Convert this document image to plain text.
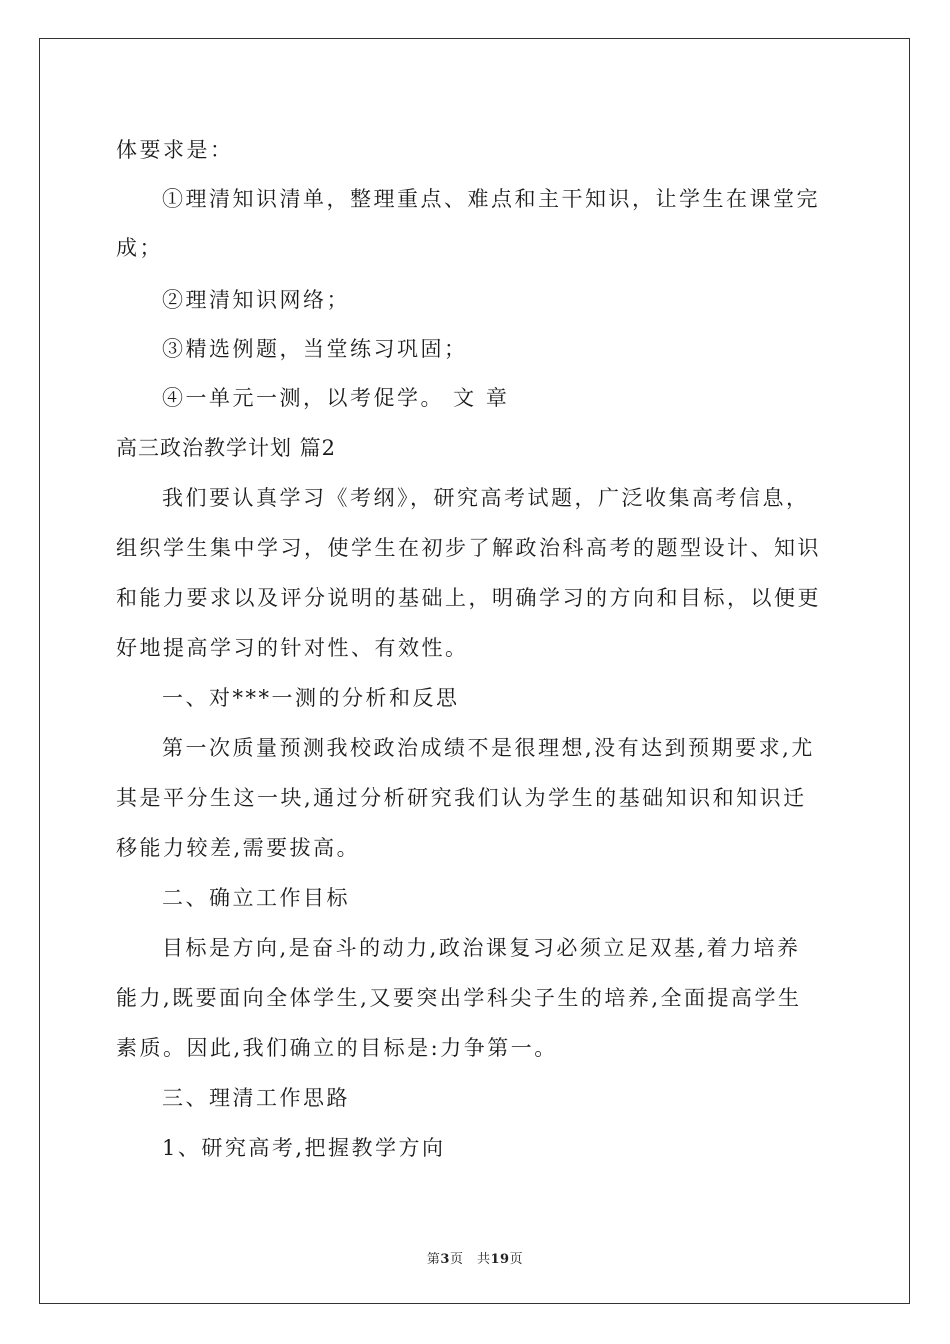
体要求是：
①理清知识清单，整理重点、难点和主干知识，让学生在课堂完
成；
②理清知识网络；
③精选例题，当堂练习巩固；
④一单元一测，以考促学。 文 章
高三政治教学计划 篇2
我们要认真学习《考纲》，研究高考试题，广泛收集高考信息，
组织学生集中学习，使学生在初步了解政治科高考的题型设计、知识
和能力要求以及评分说明的基础上，明确学习的方向和目标，以便更
好地提高学习的针对性、有效性。
一、对***一测的分析和反思
第一次质量预测我校政治成绩不是很理想,没有达到预期要求,尤
其是平分生这一块,通过分析研究我们认为学生的基础知识和知识迁
移能力较差,需要拔高。
二、确立工作目标
目标是方向,是奋斗的动力,政治课复习必须立足双基,着力培养
能力,既要面向全体学生,又要突出学科尖子生的培养,全面提高学生
素质。因此,我们确立的目标是:力争第一。
三、理清工作思路
1、研究高考,把握教学方向
第3页　共19页
